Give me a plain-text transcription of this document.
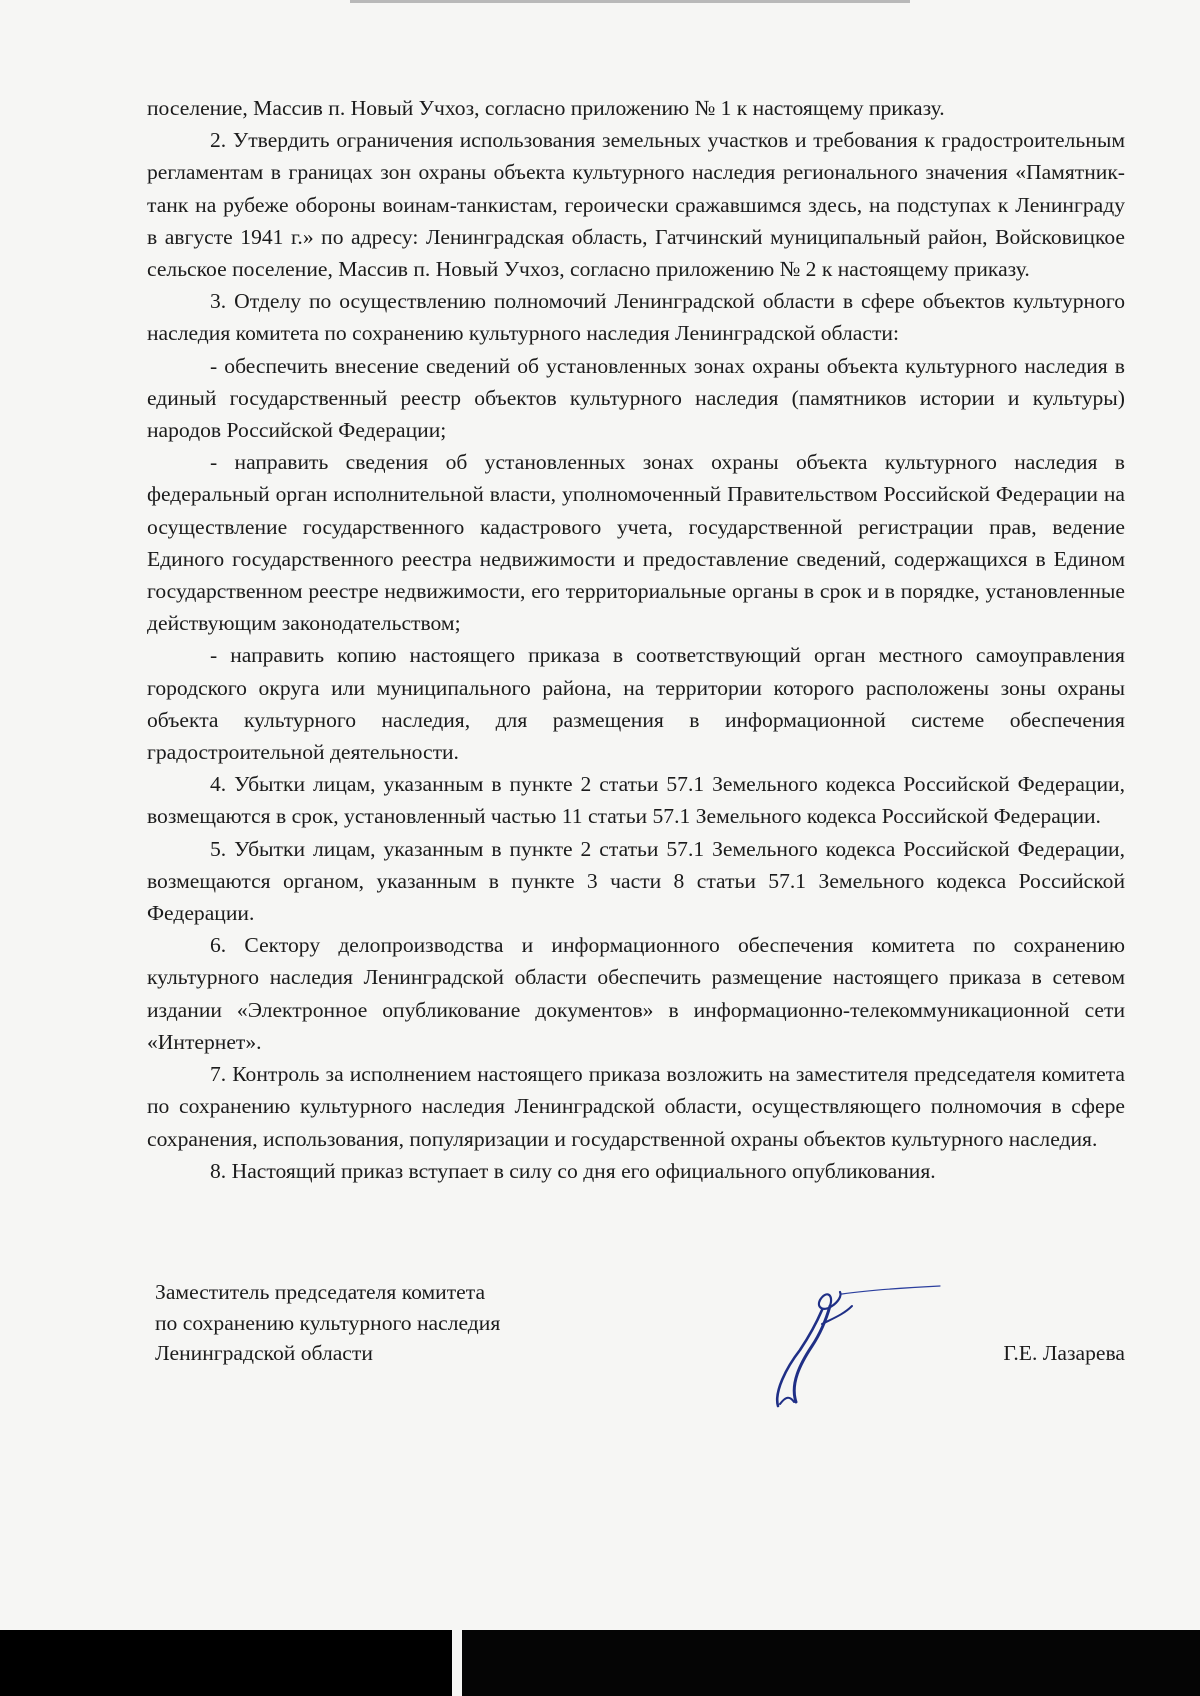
поселение, Массив п. Новый Учхоз, согласно приложению № 1 к настоящему приказу.

2. Утвердить ограничения использования земельных участков и требования к градостроительным регламентам в границах зон охраны объекта культурного наследия регионального значения «Памятник-танк на рубеже обороны воинам-танкистам, героически сражавшимся здесь, на подступах к Ленинграду в августе 1941 г.» по адресу: Ленинградская область, Гатчинский муниципальный район, Войсковицкое сельское поселение, Массив п. Новый Учхоз, согласно приложению № 2 к настоящему приказу.

3. Отделу по осуществлению полномочий Ленинградской области в сфере объектов культурного наследия комитета по сохранению культурного наследия Ленинградской области:

- обеспечить внесение сведений об установленных зонах охраны объекта культурного наследия в единый государственный реестр объектов культурного наследия (памятников истории и культуры) народов Российской Федерации;

- направить сведения об установленных зонах охраны объекта культурного наследия в федеральный орган исполнительной власти, уполномоченный Правительством Российской Федерации на осуществление государственного кадастрового учета, государственной регистрации прав, ведение Единого государственного реестра недвижимости и предоставление сведений, содержащихся в Едином государственном реестре недвижимости, его территориальные органы в срок и в порядке, установленные действующим законодательством;

- направить копию настоящего приказа в соответствующий орган местного самоуправления городского округа или муниципального района, на территории которого расположены зоны охраны объекта культурного наследия, для размещения в информационной системе обеспечения градостроительной деятельности.

4. Убытки лицам, указанным в пункте 2 статьи 57.1 Земельного кодекса Российской Федерации, возмещаются в срок, установленный частью 11 статьи 57.1 Земельного кодекса Российской Федерации.

5. Убытки лицам, указанным в пункте 2 статьи 57.1 Земельного кодекса Российской Федерации, возмещаются органом, указанным в пункте 3 части 8 статьи 57.1 Земельного кодекса Российской Федерации.

6. Сектору делопроизводства и информационного обеспечения комитета по сохранению культурного наследия Ленинградской области обеспечить размещение настоящего приказа в сетевом издании «Электронное опубликование документов» в информационно-телекоммуникационной сети «Интернет».

7. Контроль за исполнением настоящего приказа возложить на заместителя председателя комитета по сохранению культурного наследия Ленинградской области, осуществляющего полномочия в сфере сохранения, использования, популяризации и государственной охраны объектов культурного наследия.

8. Настоящий приказ вступает в силу со дня его официального опубликования.

Заместитель председателя комитета
по сохранению культурного наследия
Ленинградской области	Г.Е. Лазарева
